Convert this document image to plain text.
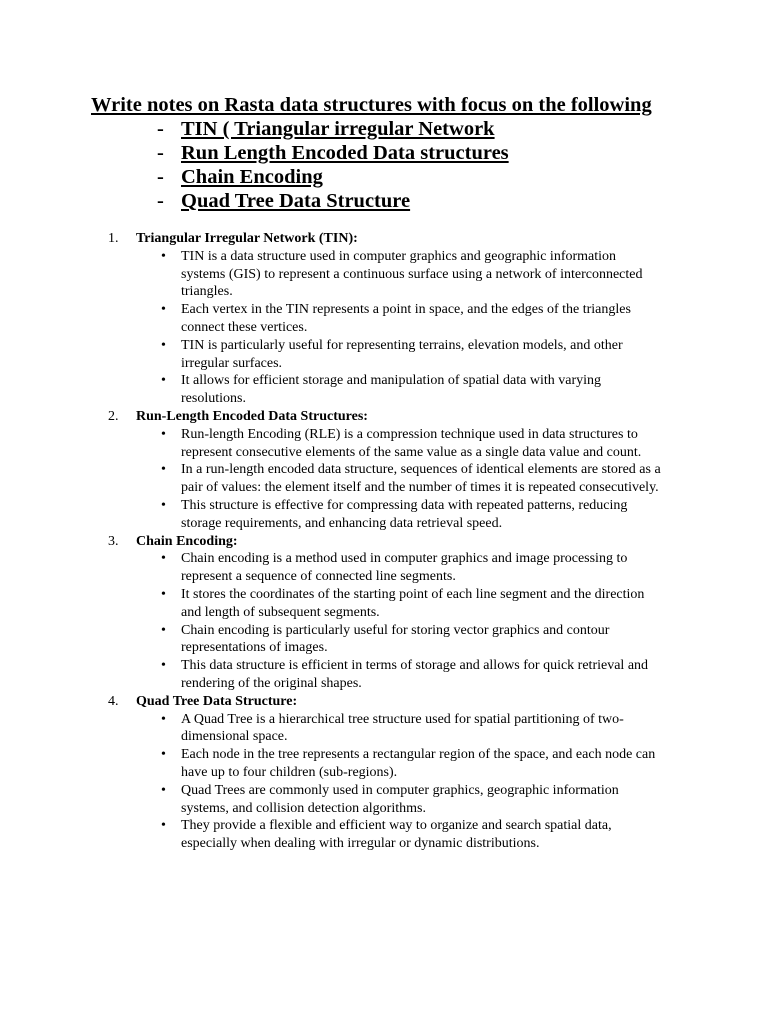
Write notes on Rasta data structures with focus on the following
- TIN ( Triangular irregular Network
- Run Length Encoded Data structures
- Chain Encoding
- Quad Tree Data Structure
1.	Triangular Irregular Network (TIN):
•	TIN is a data structure used in computer graphics and geographic information systems (GIS) to represent a continuous surface using a network of interconnected triangles.
•	Each vertex in the TIN represents a point in space, and the edges of the triangles connect these vertices.
•	TIN is particularly useful for representing terrains, elevation models, and other irregular surfaces.
•	It allows for efficient storage and manipulation of spatial data with varying resolutions.
2.	Run-Length Encoded Data Structures:
•	Run-length Encoding (RLE) is a compression technique used in data structures to represent consecutive elements of the same value as a single data value and count.
•	In a run-length encoded data structure, sequences of identical elements are stored as a pair of values: the element itself and the number of times it is repeated consecutively.
•	This structure is effective for compressing data with repeated patterns, reducing storage requirements, and enhancing data retrieval speed.
3.	Chain Encoding:
•	Chain encoding is a method used in computer graphics and image processing to represent a sequence of connected line segments.
•	It stores the coordinates of the starting point of each line segment and the direction and length of subsequent segments.
•	Chain encoding is particularly useful for storing vector graphics and contour representations of images.
•	This data structure is efficient in terms of storage and allows for quick retrieval and rendering of the original shapes.
4.	Quad Tree Data Structure:
•	A Quad Tree is a hierarchical tree structure used for spatial partitioning of two-dimensional space.
•	Each node in the tree represents a rectangular region of the space, and each node can have up to four children (sub-regions).
•	Quad Trees are commonly used in computer graphics, geographic information systems, and collision detection algorithms.
•	They provide a flexible and efficient way to organize and search spatial data, especially when dealing with irregular or dynamic distributions.
